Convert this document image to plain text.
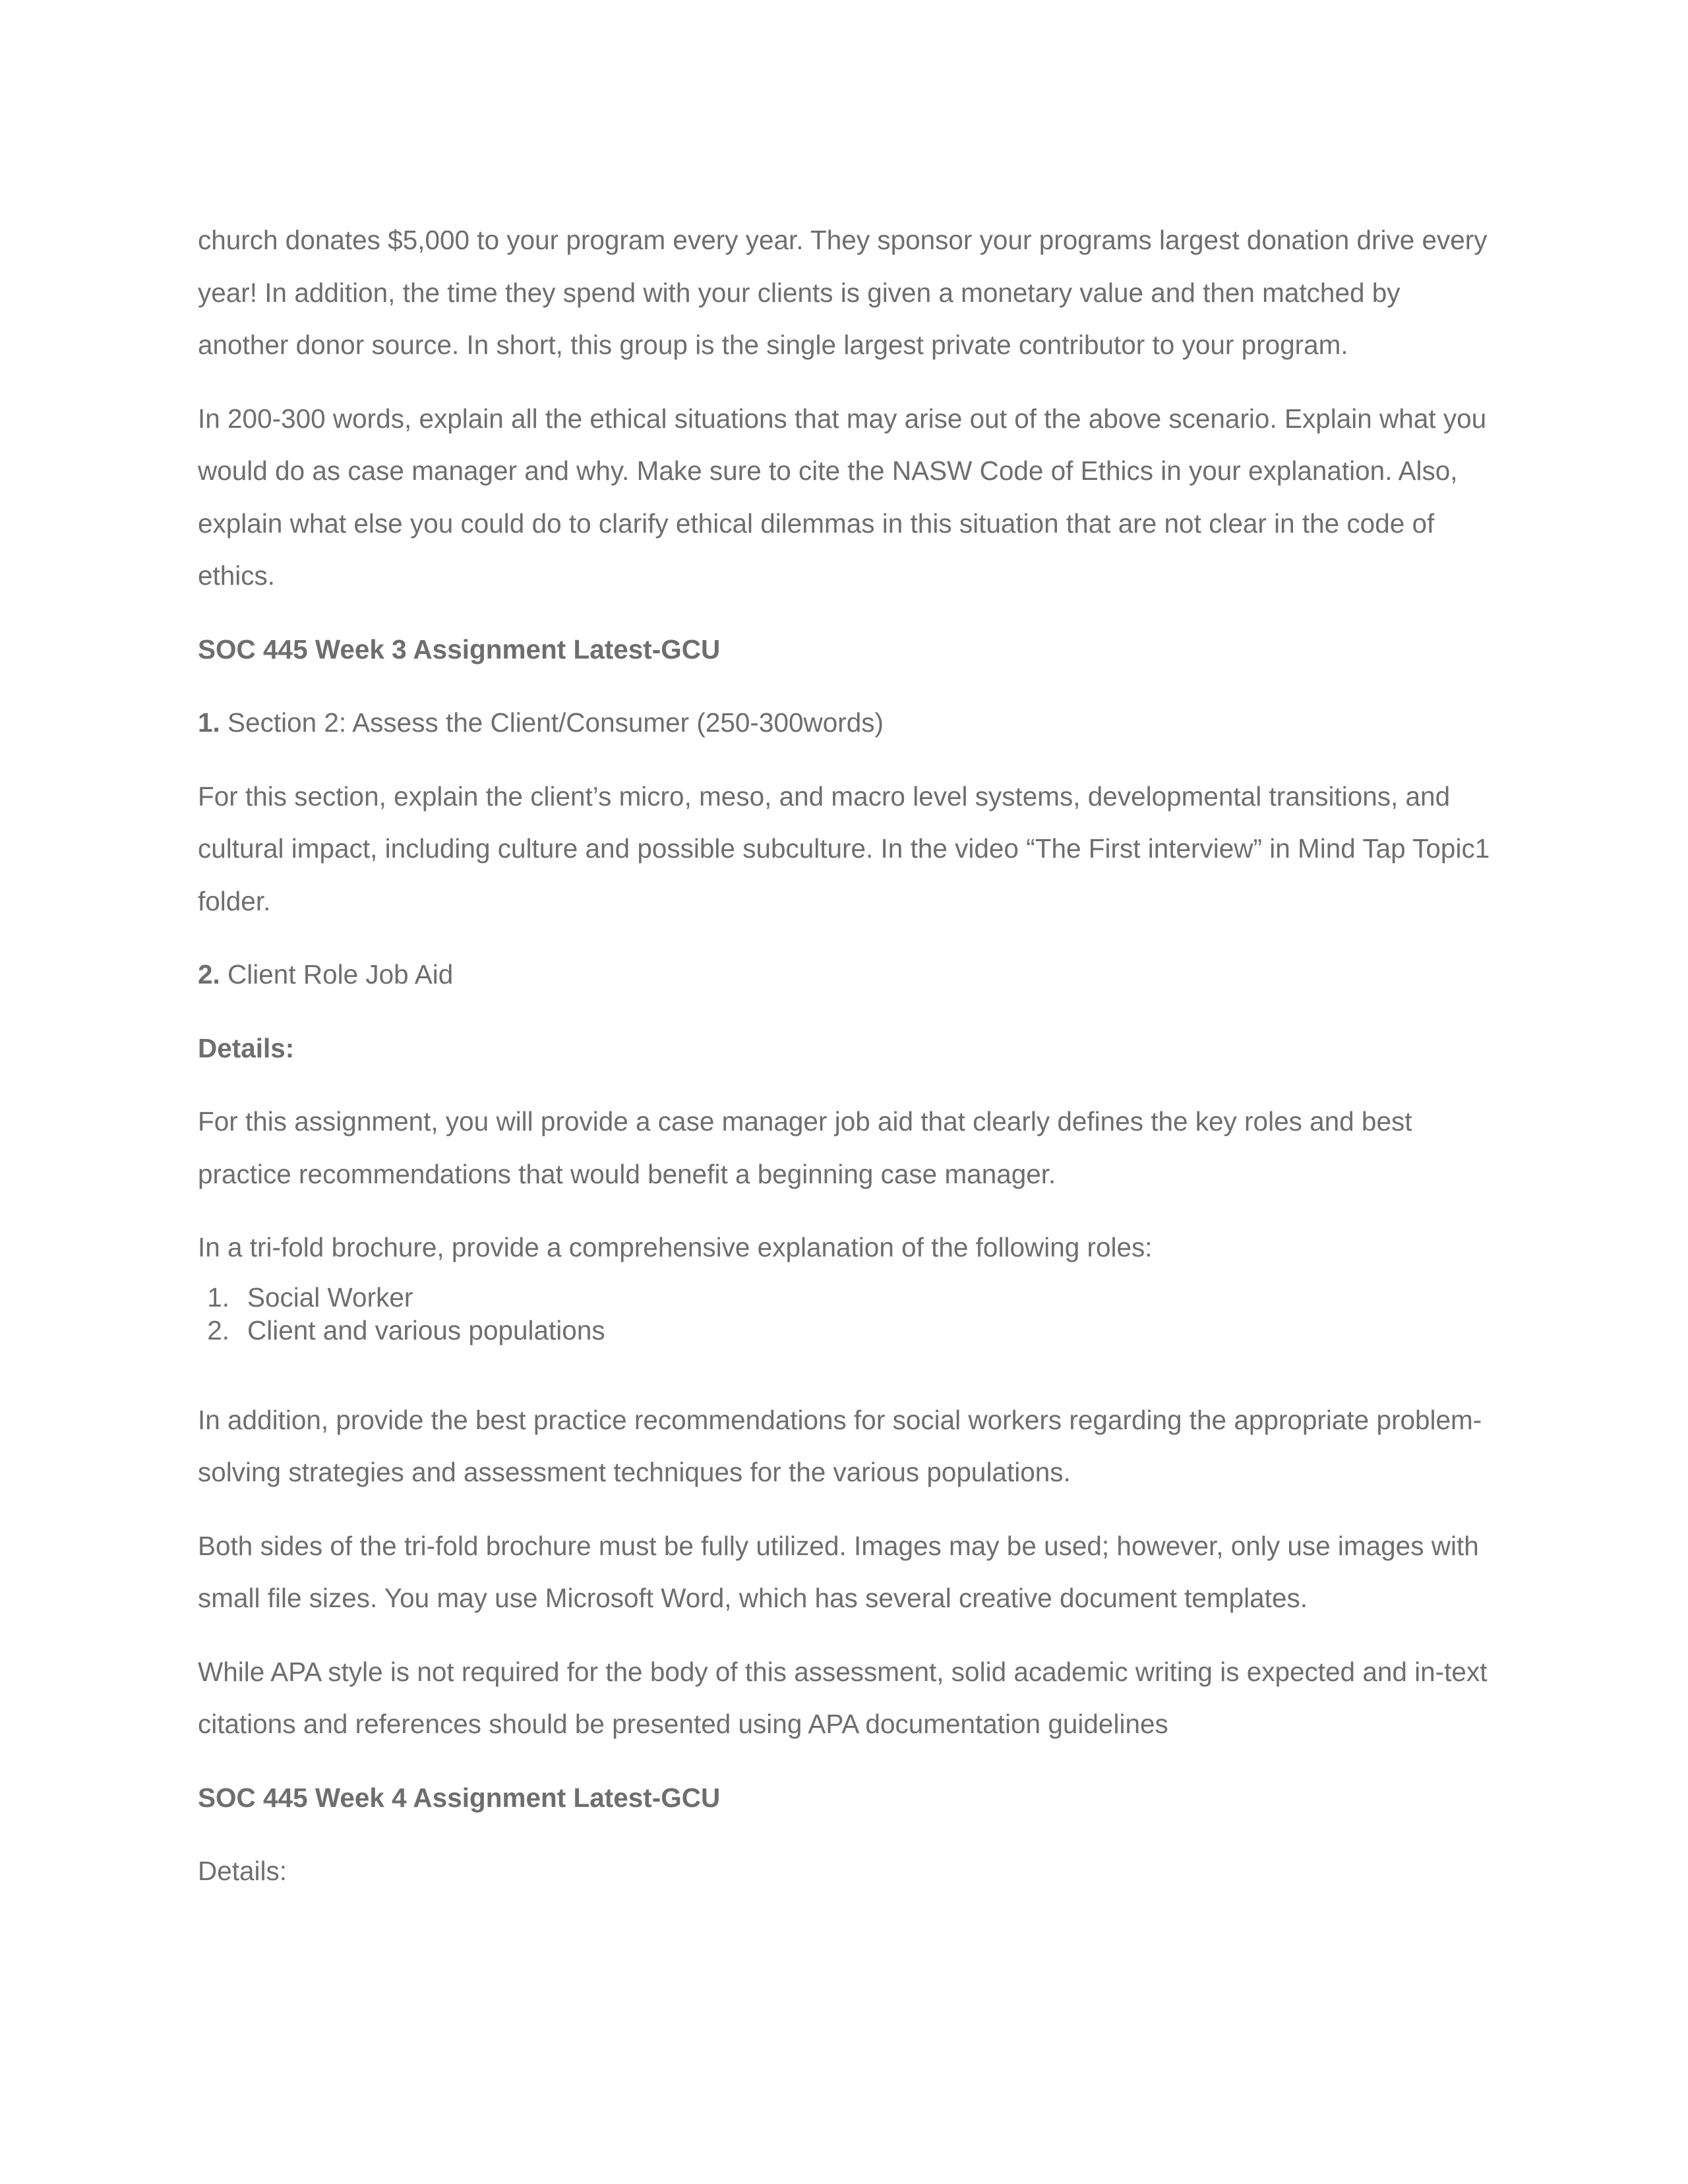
church donates $5,000 to your program every year. They sponsor your programs largest donation drive every year! In addition, the time they spend with your clients is given a monetary value and then matched by another donor source. In short, this group is the single largest private contributor to your program.

In 200-300 words, explain all the ethical situations that may arise out of the above scenario. Explain what you would do as case manager and why. Make sure to cite the NASW Code of Ethics in your explanation. Also, explain what else you could do to clarify ethical dilemmas in this situation that are not clear in the code of ethics.

SOC 445 Week 3 Assignment Latest-GCU

1. Section 2: Assess the Client/Consumer (250-300words)

For this section, explain the client’s micro, meso, and macro level systems, developmental transitions, and cultural impact, including culture and possible subculture. In the video “The First interview” in Mind Tap Topic1 folder.

2. Client Role Job Aid

Details:

For this assignment, you will provide a case manager job aid that clearly defines the key roles and best practice recommendations that would benefit a beginning case manager.

In a tri-fold brochure, provide a comprehensive explanation of the following roles:

1. Social Worker
2. Client and various populations

In addition, provide the best practice recommendations for social workers regarding the appropriate problem-solving strategies and assessment techniques for the various populations.

Both sides of the tri-fold brochure must be fully utilized. Images may be used; however, only use images with small file sizes. You may use Microsoft Word, which has several creative document templates.

While APA style is not required for the body of this assessment, solid academic writing is expected and in-text citations and references should be presented using APA documentation guidelines

SOC 445 Week 4 Assignment Latest-GCU

Details:
